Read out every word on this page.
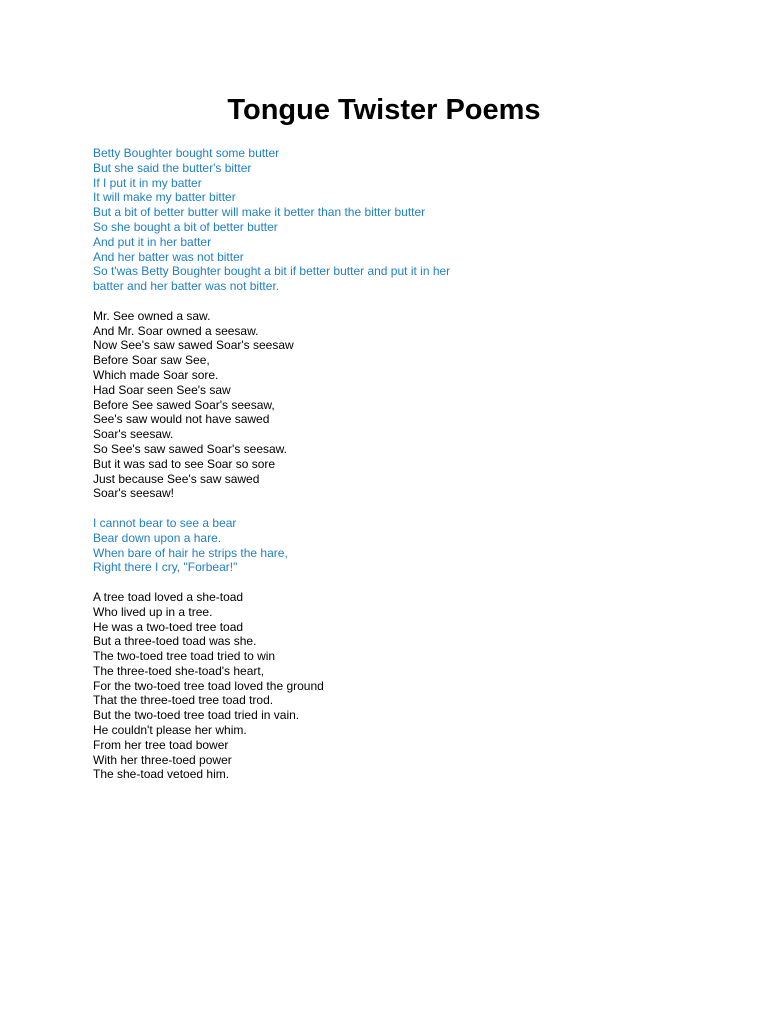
Tongue Twister Poems
Betty Boughter bought some butter
But she said the butter's bitter
If I put it in my batter
It will make my batter bitter
But a bit of better butter will make it better than the bitter butter
So she bought a bit of better butter
And put it in her batter
And her batter was not bitter
So t'was Betty Boughter bought a bit if better butter and put it in her
batter and her batter was not bitter.
Mr. See owned a saw.
And Mr. Soar owned a seesaw.
Now See's saw sawed Soar's seesaw
Before Soar saw See,
Which made Soar sore.
Had Soar seen See's saw
Before See sawed Soar's seesaw,
See's saw would not have sawed
Soar's seesaw.
So See's saw sawed Soar's seesaw.
But it was sad to see Soar so sore
Just because See's saw sawed
Soar's seesaw!
I cannot bear to see a bear
Bear down upon a hare.
When bare of hair he strips the hare,
Right there I cry, "Forbear!"
A tree toad loved a she-toad
Who lived up in a tree.
He was a two-toed tree toad
But a three-toed toad was she.
The two-toed tree toad tried to win
The three-toed she-toad's heart,
For the two-toed tree toad loved the ground
That the three-toed tree toad trod.
But the two-toed tree toad tried in vain.
He couldn't please her whim.
From her tree toad bower
With her three-toed power
The she-toad vetoed him.
